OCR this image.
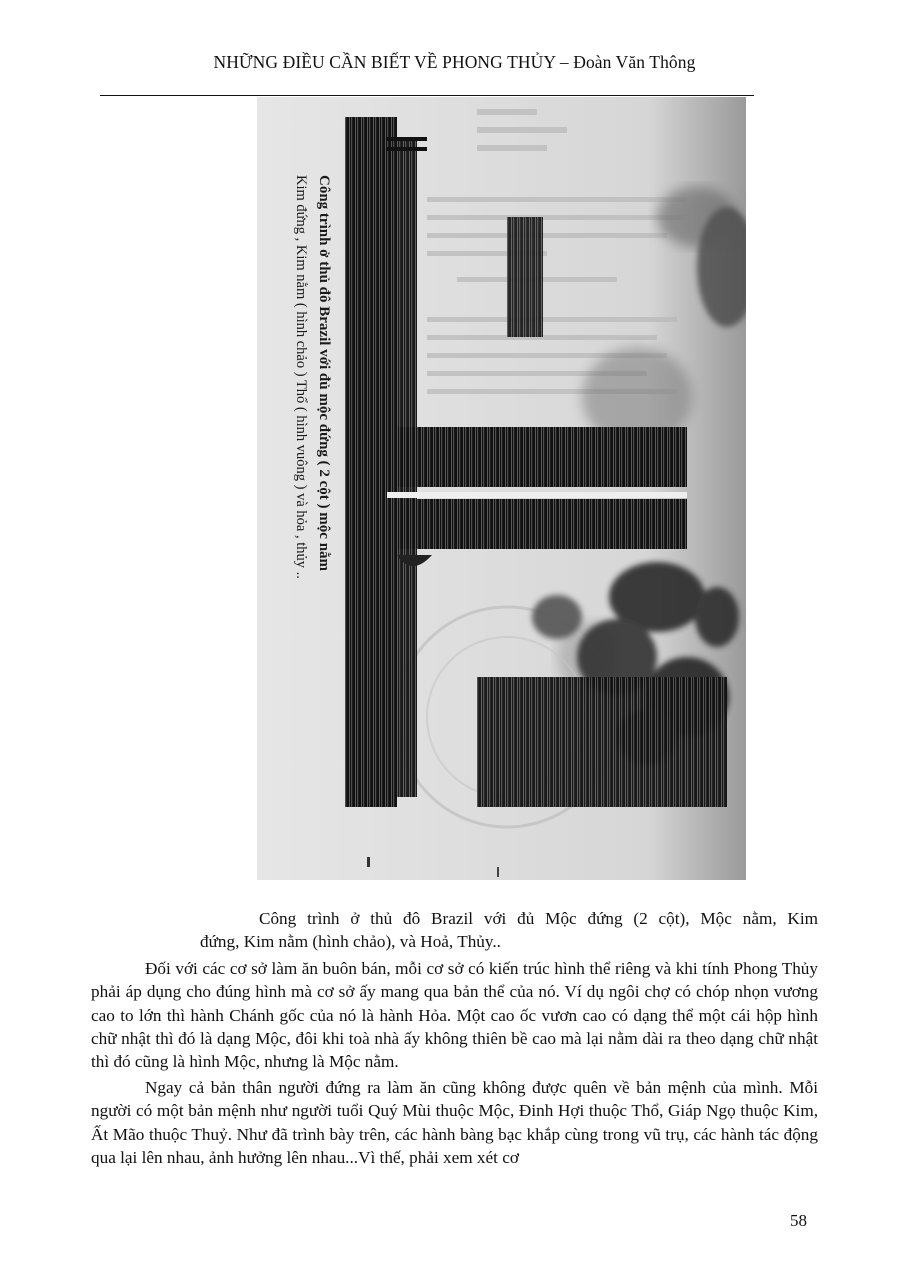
NHỮNG ĐIỀU CẦN BIẾT VỀ PHONG THỦY – Đoàn Văn Thông
Công trình ở thủ đô Brazil với đủ mộc đứng ( 2 cột ) mộc nằm
Kim đứng , Kim nằm ( hình chảo ) Thổ ( hình vuông ) và hỏa , thủy ..
Công trình ở thủ đô Brazil với đủ Mộc đứng (2 cột), Mộc nằm, Kim
đứng, Kim nằm (hình chảo), và Hoả, Thủy..

Đối với các cơ sở làm ăn buôn bán, mỗi cơ sở có kiến trúc hình thể riêng và khi tính Phong Thủy phải áp dụng cho đúng hình mà cơ sở ấy mang qua bản thể của nó. Ví dụ ngôi chợ có chóp nhọn vương cao to lớn thì hành Chánh gốc của nó là hành Hỏa. Một cao ốc vươn cao có dạng thể một cái hộp hình chữ nhật thì đó là dạng Mộc, đôi khi toà nhà ấy không thiên bề cao mà lại nằm dài ra theo dạng chữ nhật thì đó cũng là hình Mộc, nhưng là Mộc nằm.

Ngay cả bản thân người đứng ra làm ăn cũng không được quên về bản mệnh của mình. Mỗi người có một bản mệnh như người tuổi Quý Mùi thuộc Mộc, Đinh Hợi thuộc Thổ, Giáp Ngọ thuộc Kim, Ất Mão thuộc Thuỷ. Như đã trình bày trên, các hành bàng bạc khắp cùng trong vũ trụ, các hành tác động qua lại lên nhau, ảnh hưởng lên nhau...Vì thế, phải xem xét cơ

58
